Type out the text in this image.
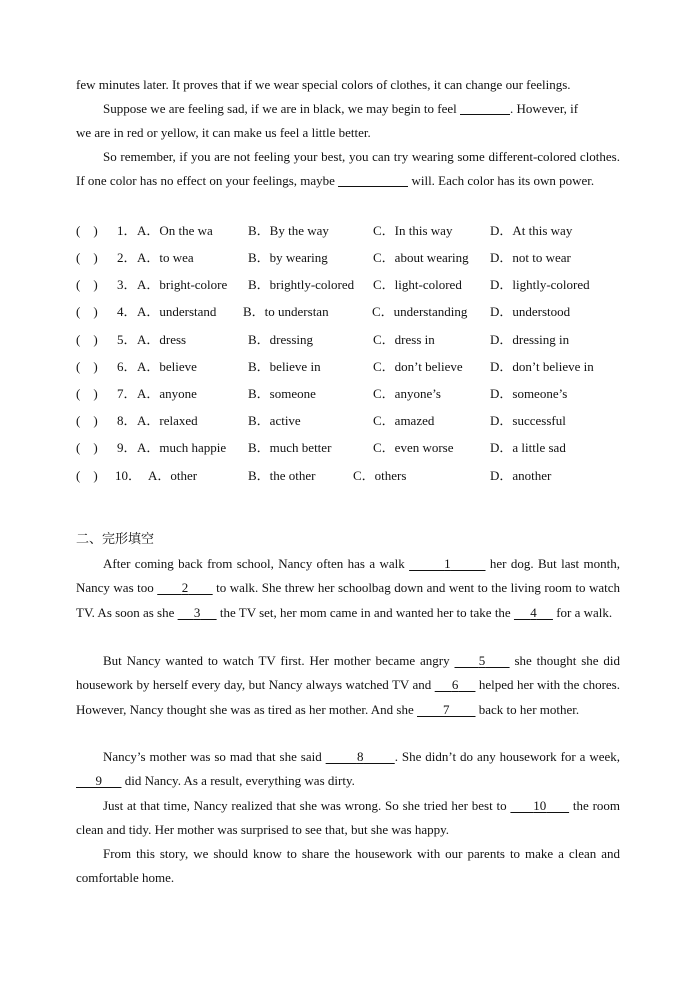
few minutes later. It proves that if we wear special colors of clothes, it can change our feelings.
Suppose we are feeling sad, if we are in black, we may begin to feel	. However, if
we are in red or yellow, it can make us feel a little better.
So remember, if you are not feeling your best, you can try wearing some different-colored clothes. If one color has no effect on your feelings, maybe	will. Each color has its own power.
(　) 1． A．On the wa	B．By the way	C．In this way	D．At this way
(　) 2． A．to wea	B．by wearing	C．about wearing D．not to wear
(　) 3． A．bright-colore B．brightly-colored C．light-colored D．lightly-colored
(　) 4． A．understand B．to understan	C．understanding D．understood
(　) 5． A．dress	B．dressing	C．dress in	D．dressing in
(　) 6． A．believe	B．believe in	C．don’t believe D．don’t believe in
(　) 7． A．anyone	B．someone	C．anyone’s	D．someone’s
(　) 8． A．relaxed	B．active	C．amazed	D．successful
(　) 9． A．much happie B．much better	C．even worse	D．a little sad
(　) 10． A．other	B．the other	C．others	D．another
二、完形填空
After coming back from school, Nancy often has a walk	1	her dog. But last month, Nancy was too        2        to walk. She threw her schoolbag down and went to the living room to watch TV. As soon as she      3      the TV set, her mom came in and wanted her to take the      4      for a walk.
But Nancy wanted to watch TV first. Her mother became angry      5      she thought she did housework by herself every day, but Nancy always watched TV and      6      helped her with the chores. However, Nancy thought she was as tired as her mother. And she         7         back to her mother.
Nancy’s mother was so mad that she said         8 . She didn’t do any housework for a week,       9       did Nancy. As a result, everything was dirty.
Just at that time, Nancy realized that she was wrong. So she tried her best to       10       the room clean and tidy. Her mother was surprised to see that, but she was happy.
From this story, we should know to share the housework with our parents to make a clean and comfortable home.
